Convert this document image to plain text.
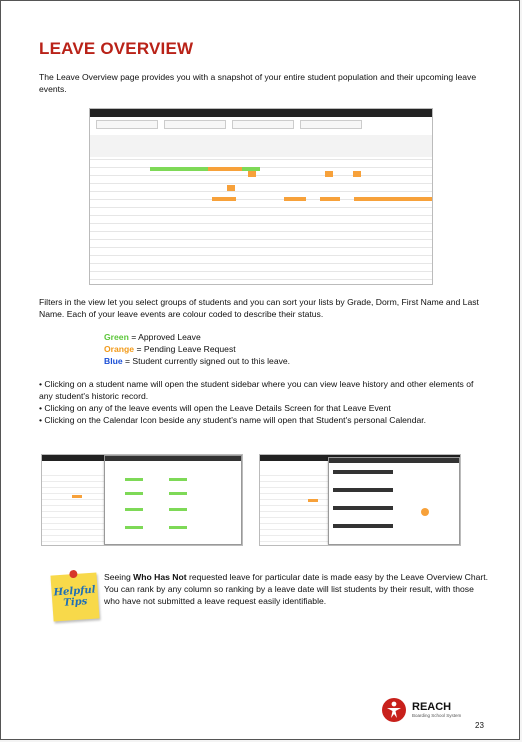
LEAVE OVERVIEW
The Leave Overview page provides you with a snapshot of your entire student population and their upcoming leave events.
Filters in the view let you select groups of students and you can sort your lists by Grade, Dorm, First Name and Last Name. Each of your leave events are colour coded to describe their status.
Green = Approved Leave
Orange = Pending Leave Request
Blue = Student currently signed out to this leave.
• Clicking on a student name will open the student sidebar where you can view leave history and other elements of any student's historic record.
• Clicking on any of the leave events will open the Leave Details Screen for that Leave Event
• Clicking on the Calendar Icon beside any student's name will open that Student's personal Calendar.
Helpful Tips
Seeing Who Has Not requested leave for particular date is made easy by the Leave Overview Chart. You can rank by any column so ranking by a leave date will list students by their result, with those who have not submitted a leave request easily identifiable.
REACH
Boarding School System
23
